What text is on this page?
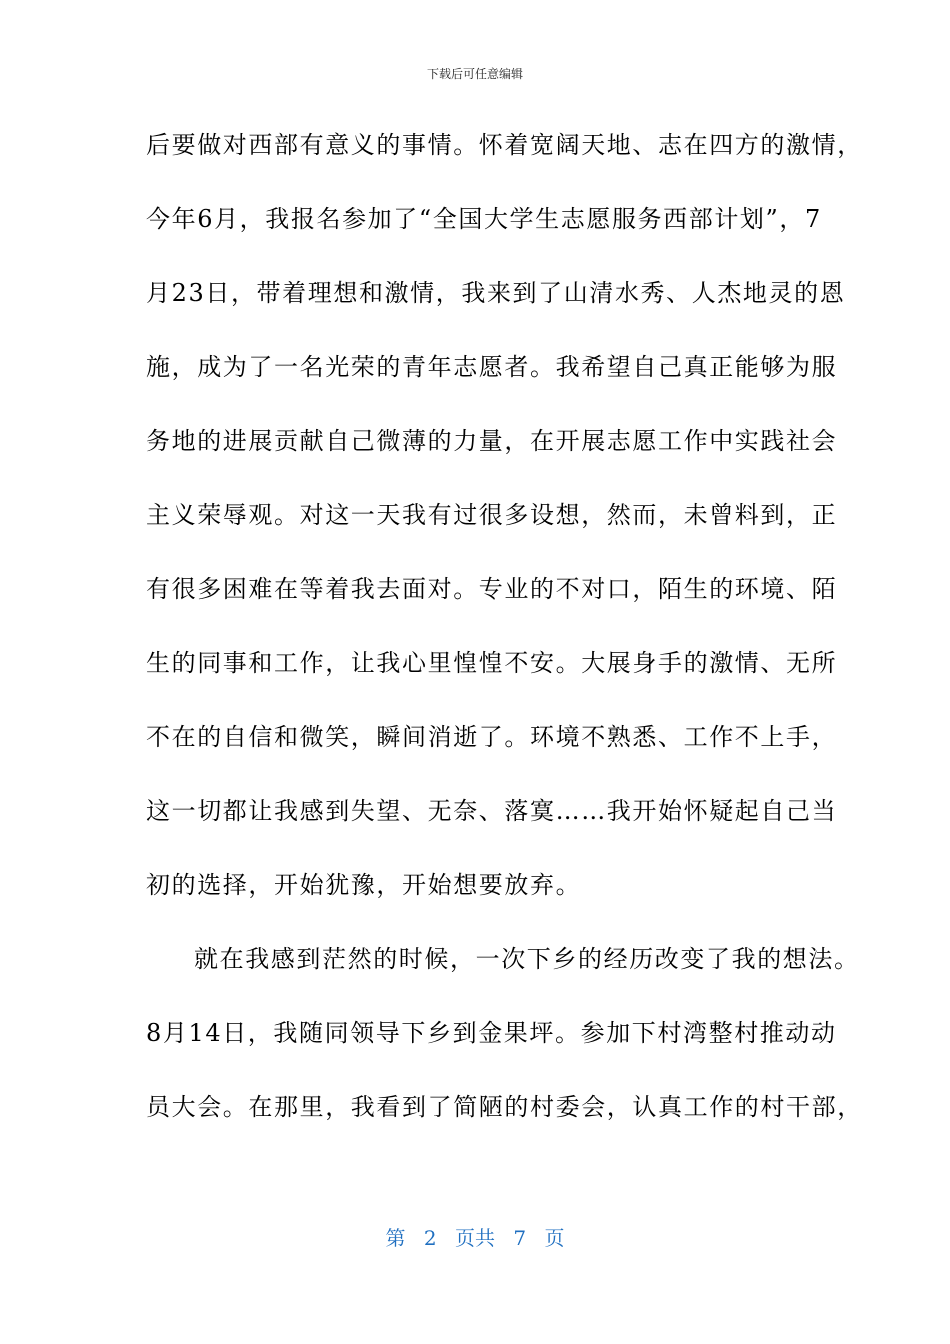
下载后可任意编辑
后要做对西部有意义的事情。怀着宽阔天地、志在四方的激情，
今年6月，我报名参加了“全国大学生志愿服务西部计划”，7
月23日，带着理想和激情，我来到了山清水秀、人杰地灵的恩
施，成为了一名光荣的青年志愿者。我希望自己真正能够为服
务地的进展贡献自己微薄的力量，在开展志愿工作中实践社会
主义荣辱观。对这一天我有过很多设想，然而，未曾料到，正
有很多困难在等着我去面对。专业的不对口，陌生的环境、陌
生的同事和工作，让我心里惶惶不安。大展身手的激情、无所
不在的自信和微笑，瞬间消逝了。环境不熟悉、工作不上手，
这一切都让我感到失望、无奈、落寞……我开始怀疑起自己当
初的选择，开始犹豫，开始想要放弃。
就在我感到茫然的时候，一次下乡的经历改变了我的想法。
8月14日，我随同领导下乡到金果坪。参加下村湾整村推动动
员大会。在那里，我看到了简陋的村委会，认真工作的村干部，
第 2 页共 7 页
